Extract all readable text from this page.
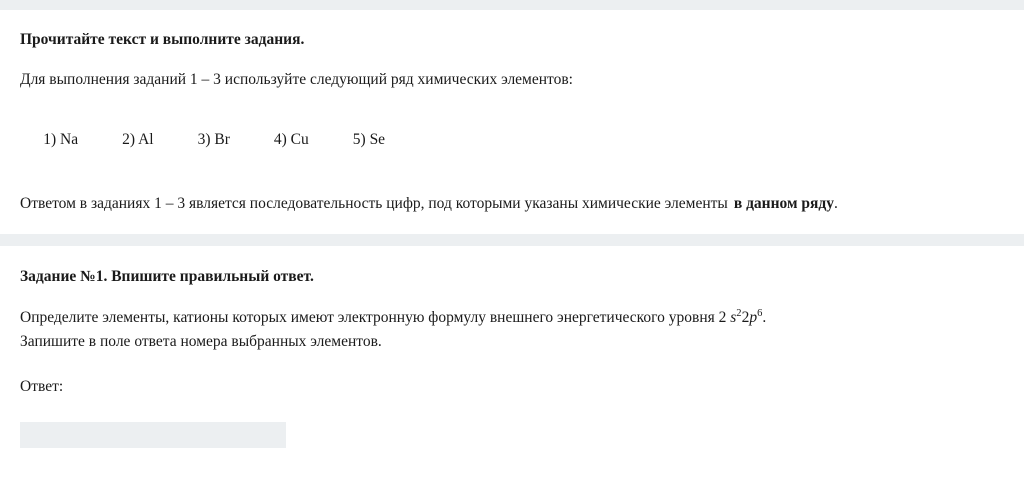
Прочитайте текст и выполните задания.

Для выполнения заданий 1 – 3 используйте следующий ряд химических элементов:

1) Na	2) Al	3) Br	4) Cu	5) Se

Ответом в заданиях 1 – 3 является последовательность цифр, под которыми указаны химические элементы в данном ряду.

Задание №1. Впишите правильный ответ.

Определите элементы, катионы которых имеют электронную формулу внешнего энергетического уровня 2 $s^22p^6$.
Запишите в поле ответа номера выбранных элементов.

Ответ:
